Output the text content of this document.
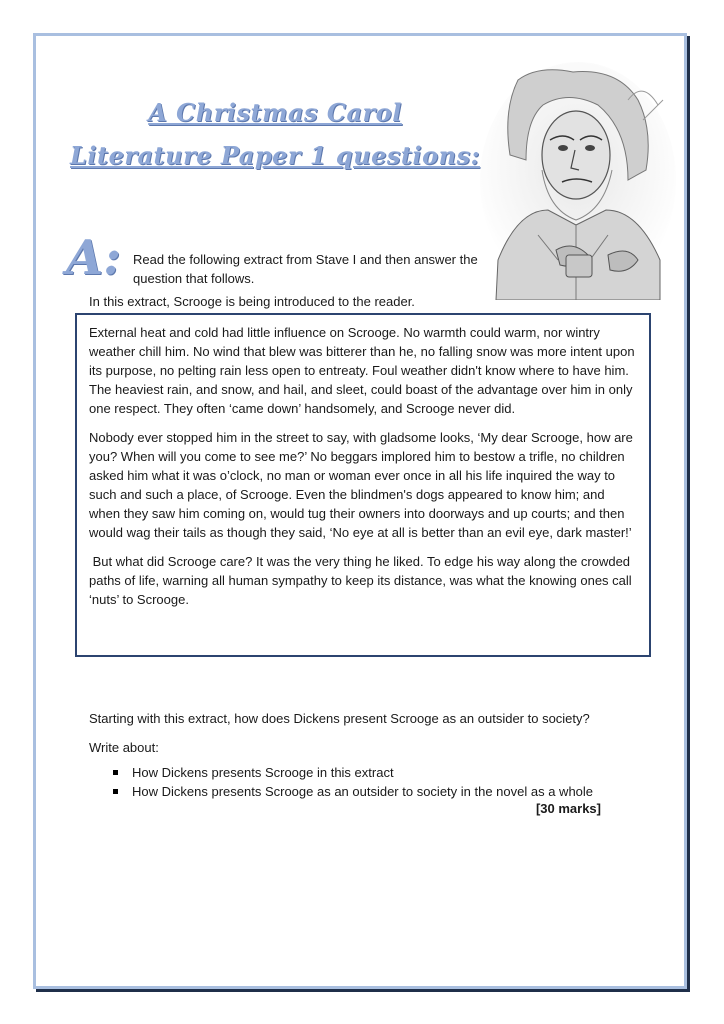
A Christmas Carol
Literature Paper 1 questions:
A: Read the following extract from Stave I and then answer the question that follows.
In this extract, Scrooge is being introduced to the reader.

External heat and cold had little influence on Scrooge. No warmth could warm, nor wintry weather chill him. No wind that blew was bitterer than he, no falling snow was more intent upon its purpose, no pelting rain less open to entreaty. Foul weather didn't know where to have him. The heaviest rain, and snow, and hail, and sleet, could boast of the advantage over him in only one respect. They often ‘came down’ handsomely, and Scrooge never did.

Nobody ever stopped him in the street to say, with gladsome looks, ‘My dear Scrooge, how are you? When will you come to see me?’ No beggars implored him to bestow a trifle, no children asked him what it was o’clock, no man or woman ever once in all his life inquired the way to such and such a place, of Scrooge. Even the blindmen's dogs appeared to know him; and when they saw him coming on, would tug their owners into doorways and up courts; and then would wag their tails as though they said, ‘No eye at all is better than an evil eye, dark master!’

But what did Scrooge care? It was the very thing he liked. To edge his way along the crowded paths of life, warning all human sympathy to keep its distance, was what the knowing ones call ‘nuts’ to Scrooge.

Starting with this extract, how does Dickens present Scrooge as an outsider to society?
Write about:
How Dickens presents Scrooge in this extract
How Dickens presents Scrooge as an outsider to society in the novel as a whole
[30 marks]
